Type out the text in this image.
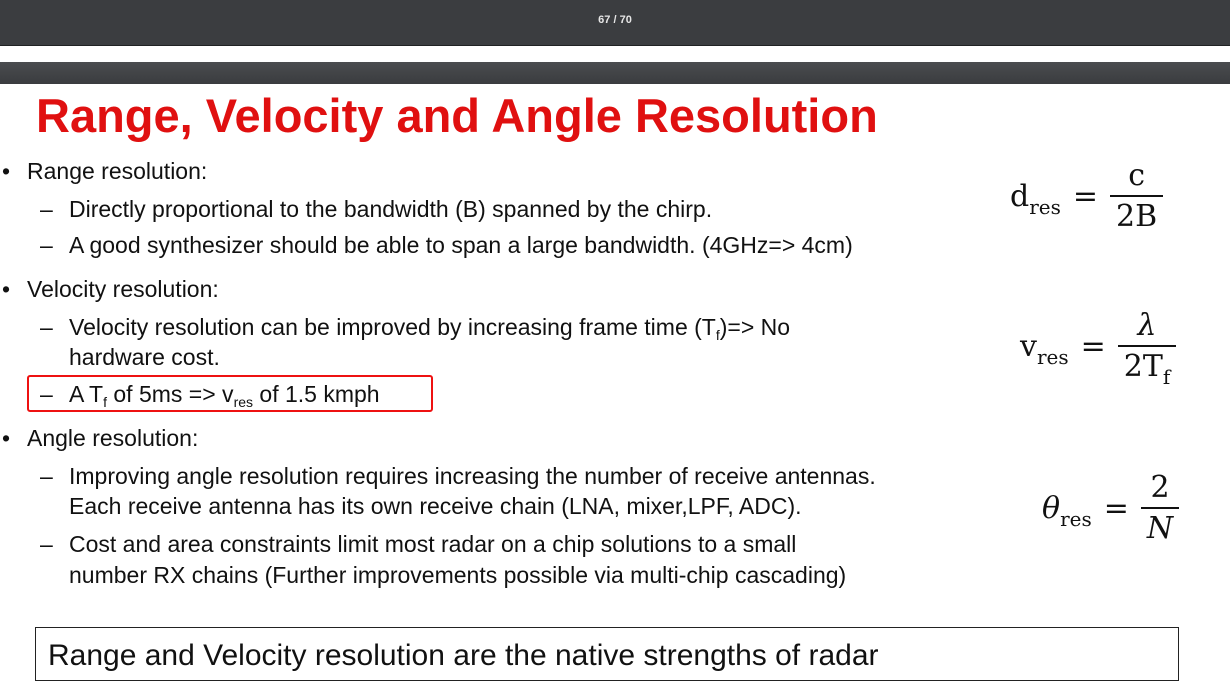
67 / 70
Range, Velocity and Angle Resolution
• Range resolution:
– Directly proportional to the bandwidth (B) spanned by the chirp.
– A good synthesizer should be able to span a large bandwidth. (4GHz=> 4cm)
• Velocity resolution:
– Velocity resolution can be improved by increasing frame time $(T_f)=> No$
hardware cost.
– A $T_f$ of $5ms => v_{res}$ of 1.5 kmph
• Angle resolution:
– Improving angle resolution requires increasing the number of receive antennas.
Each receive antenna has its own receive chain (LNA, mixer,LPF, ADC).
– Cost and area constraints limit most radar on a chip solutions to a small
number RX chains (Further improvements possible via multi-chip cascading)
$d_{res} = \frac{c}{2B}$
$v_{res} = \frac{\lambda}{2T_f}$
$\theta_{res} = \frac{2}{N}$
Range and Velocity resolution are the native strengths of radar
